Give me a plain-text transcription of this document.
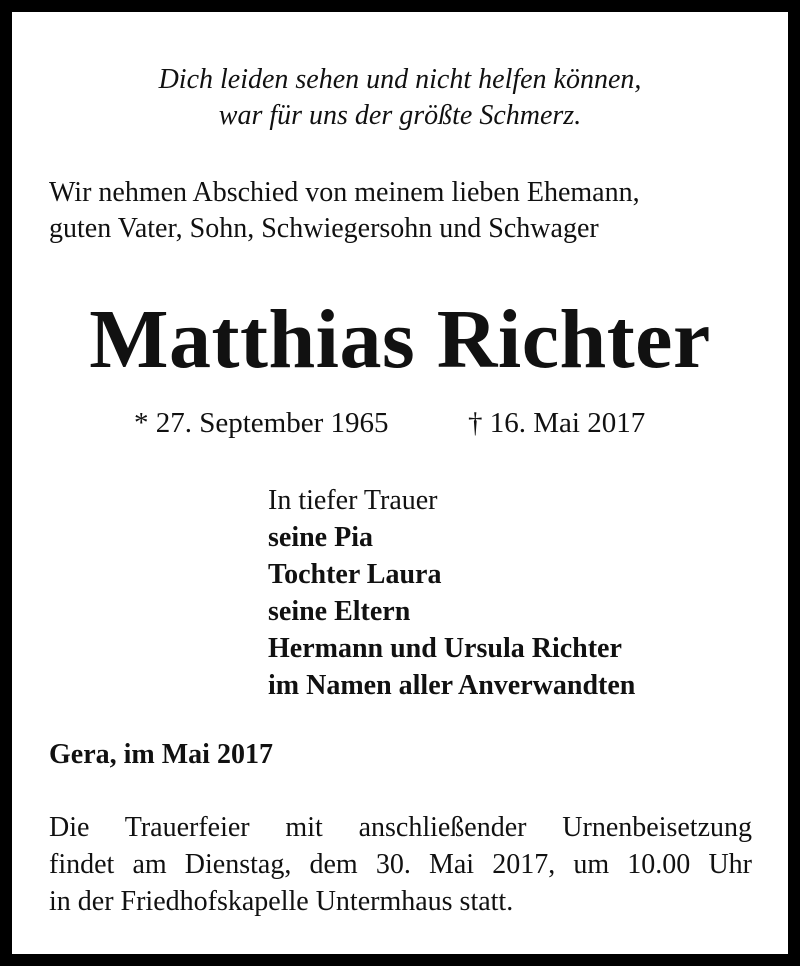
Dich leiden sehen und nicht helfen können,
war für uns der größte Schmerz.
Wir nehmen Abschied von meinem lieben Ehemann,
guten Vater, Sohn, Schwiegersohn und Schwager
Matthias Richter
* 27. September 1965	† 16. Mai 2017
In tiefer Trauer
seine Pia
Tochter Laura
seine Eltern
Hermann und Ursula Richter
im Namen aller Anverwandten
Gera, im Mai 2017
Die Trauerfeier mit anschließender Urnenbeisetzung
findet am Dienstag, dem 30. Mai 2017, um 10.00 Uhr
in der Friedhofskapelle Untermhaus statt.
